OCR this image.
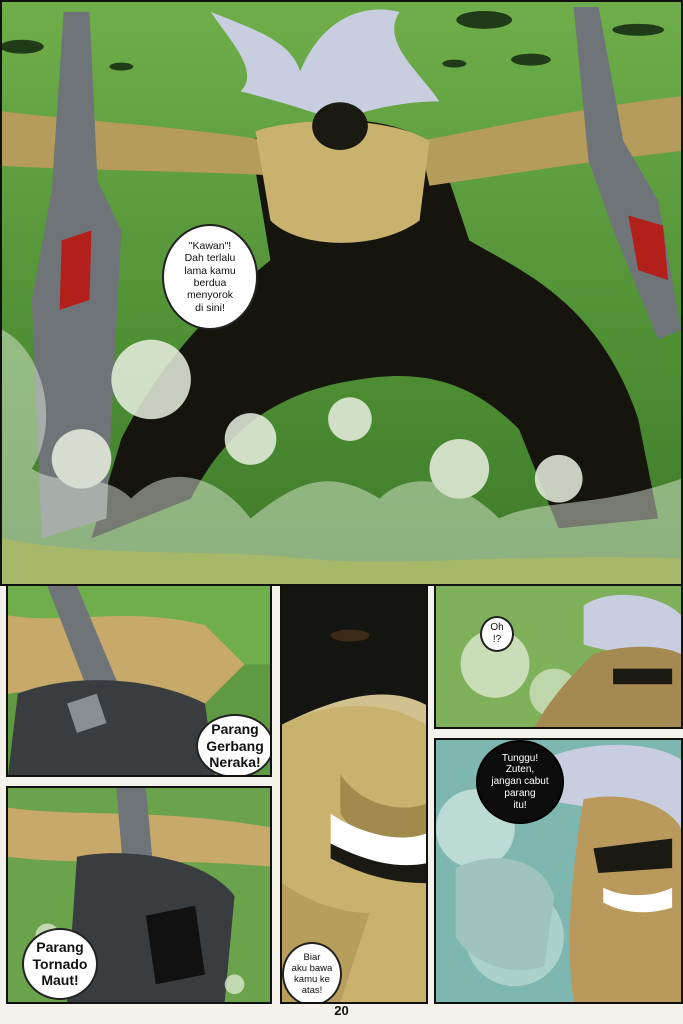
"Kawan"!
Dah terlalu
lama kamu
berdua
menyorok
di sini!
Parang
Gerbang
Neraka!
Parang
Tornado
Maut!
Biar
aku bawa
kamu ke
atas!
Oh
!?
Tunggu!
Zuten,
jangan cabut
parang
itu!
20
